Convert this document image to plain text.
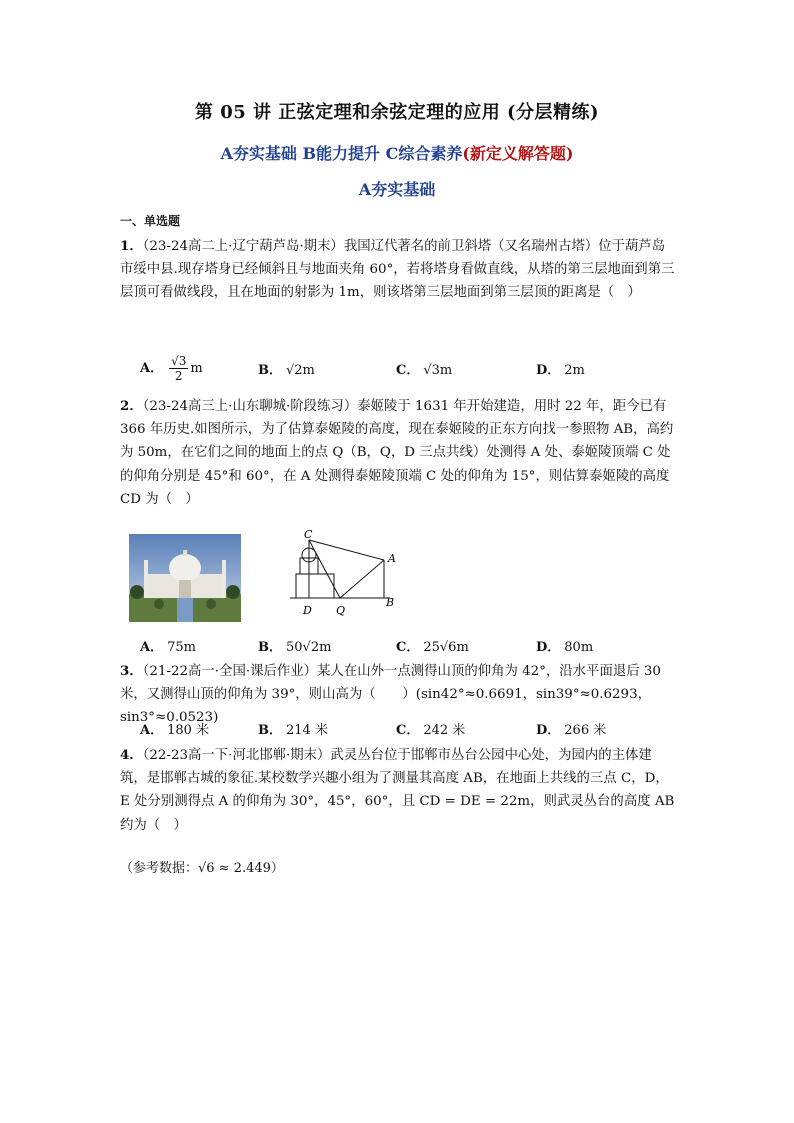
第 05 讲 正弦定理和余弦定理的应用 (分层精练)
A夯实基础 B能力提升 C综合素养(新定义解答题)
A夯实基础
一、单选题
1．（23-24高二上·辽宁葫芦岛·期末）我国辽代著名的前卫斜塔（又名瑞州古塔）位于葫芦岛市绥中县.现存塔身已经倾斜且与地面夹角 60°，若将塔身看做直线，从塔的第三层地面到第三层顶可看做线段，且在地面的射影为 1m，则该塔第三层地面到第三层顶的距离是（　）
A． $\frac{√3}{2}$ m	B． √2m	C． √3m	D． 2m
2．（23-24高三上·山东聊城·阶段练习）泰姬陵于 1631 年开始建造，用时 22 年，距今已有 366 年历史.如图所示，为了估算泰姬陵的高度，现在泰姬陵的正东方向找一参照物 AB，高约为 50m，在它们之间的地面上的点 Q（B，Q，D 三点共线）处测得 A 处、泰姬陵顶端 C 处的仰角分别是 45°和 60°，在 A 处测得泰姬陵顶端 C 处的仰角为 15°，则估算泰姬陵的高度 CD 为（　）
C
A
D Q
B
A． 75m	B． 50√2m	C． 25√6m	D． 80m
3．（21-22高一·全国·课后作业）某人在山外一点测得山顶的仰角为 42°，沿水平面退后 30 米，又测得山顶的仰角为 39°，则山高为（　　）(sin42°≈0.6691，sin39°≈0.6293，sin3°≈0.0523)
A． 180 米	B． 214 米	C． 242 米	D． 266 米
4．（22-23高一下·河北邯郸·期末）武灵丛台位于邯郸市丛台公园中心处，为园内的主体建筑，是邯郸古城的象征.某校数学兴趣小组为了测量其高度 AB，在地面上共线的三点 C，D，E 处分别测得点 A 的仰角为 30°，45°，60°，且 CD = DE = 22m，则武灵丛台的高度 AB 约为（　）
（参考数据：√6 ≈ 2.449）
